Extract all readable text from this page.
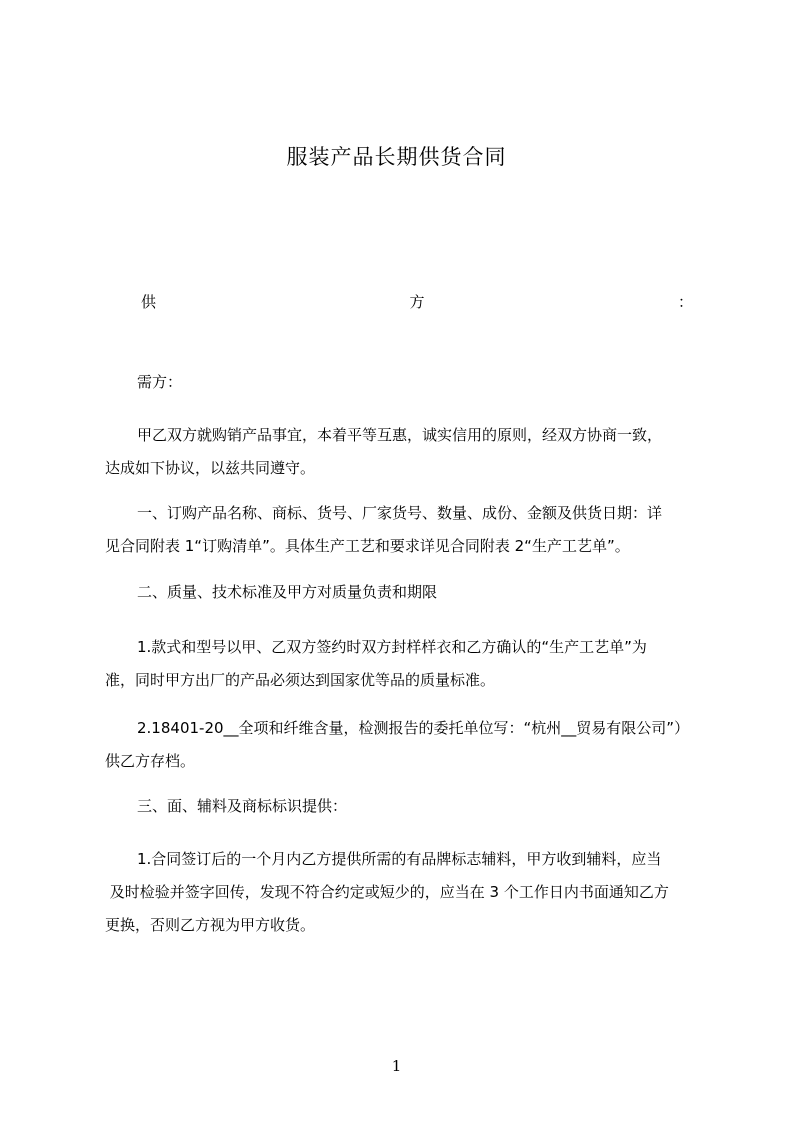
服装产品长期供货合同
供	方	：
需方：
甲乙双方就购销产品事宜，本着平等互惠，诚实信用的原则，经双方协商一致，
达成如下协议，以兹共同遵守。
一、订购产品名称、商标、货号、厂家货号、数量、成份、金额及供货日期：详
见合同附表 1“订购清单”。具体生产工艺和要求详见合同附表 2“生产工艺单”。
二、质量、技术标准及甲方对质量负责和期限
1.款式和型号以甲、乙双方签约时双方封样样衣和乙方确认的“生产工艺单”为
准，同时甲方出厂的产品必须达到国家优等品的质量标准。
2.18401-20__全项和纤维含量，检测报告的委托单位写：“杭州__贸易有限公司”）
供乙方存档。
三、面、辅料及商标标识提供：
1.合同签订后的一个月内乙方提供所需的有品牌标志辅料，甲方收到辅料，应当
及时检验并签字回传，发现不符合约定或短少的，应当在 3 个工作日内书面通知乙方
更换，否则乙方视为甲方收货。
1
